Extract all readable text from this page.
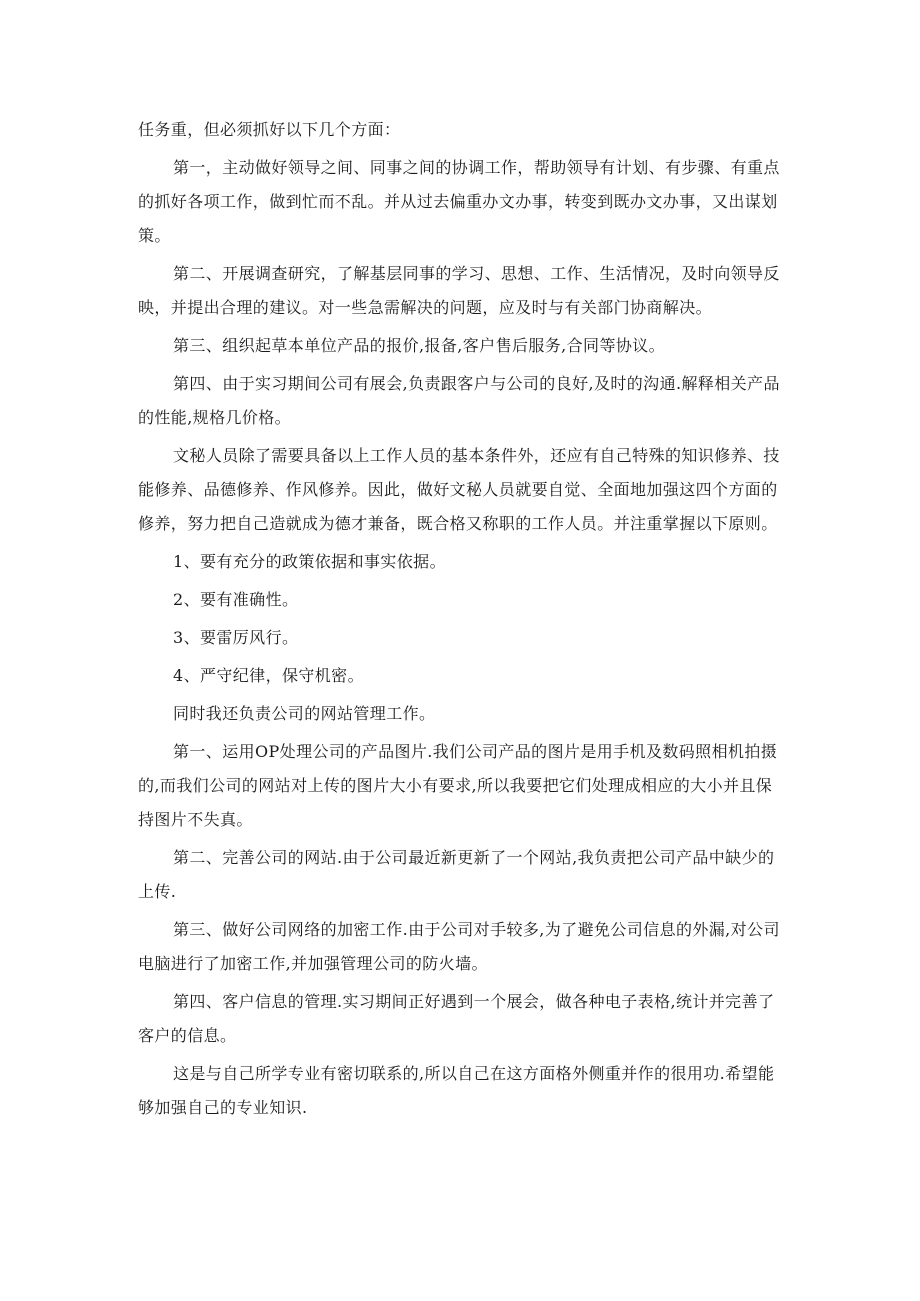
任务重，但必须抓好以下几个方面：

第一，主动做好领导之间、同事之间的协调工作，帮助领导有计划、有步骤、有重点的抓好各项工作，做到忙而不乱。并从过去偏重办文办事，转变到既办文办事，又出谋划策。

第二、开展调查研究，了解基层同事的学习、思想、工作、生活情况，及时向领导反映，并提出合理的建议。对一些急需解决的问题，应及时与有关部门协商解决。

第三、组织起草本单位产品的报价,报备,客户售后服务,合同等协议。

第四、由于实习期间公司有展会,负责跟客户与公司的良好,及时的沟通.解释相关产品的性能,规格几价格。

文秘人员除了需要具备以上工作人员的基本条件外，还应有自己特殊的知识修养、技能修养、品德修养、作风修养。因此，做好文秘人员就要自觉、全面地加强这四个方面的修养，努力把自己造就成为德才兼备，既合格又称职的工作人员。并注重掌握以下原则。

1、要有充分的政策依据和事实依据。

2、要有准确性。

3、要雷厉风行。

4、严守纪律，保守机密。

同时我还负责公司的网站管理工作。

第一、运用OP处理公司的产品图片.我们公司产品的图片是用手机及数码照相机拍摄的,而我们公司的网站对上传的图片大小有要求,所以我要把它们处理成相应的大小并且保持图片不失真。

第二、完善公司的网站.由于公司最近新更新了一个网站,我负责把公司产品中缺少的上传.

第三、做好公司网络的加密工作.由于公司对手较多,为了避免公司信息的外漏,对公司电脑进行了加密工作,并加强管理公司的防火墙。

第四、客户信息的管理.实习期间正好遇到一个展会，做各种电子表格,统计并完善了客户的信息。

这是与自己所学专业有密切联系的,所以自己在这方面格外侧重并作的很用功.希望能够加强自己的专业知识.
